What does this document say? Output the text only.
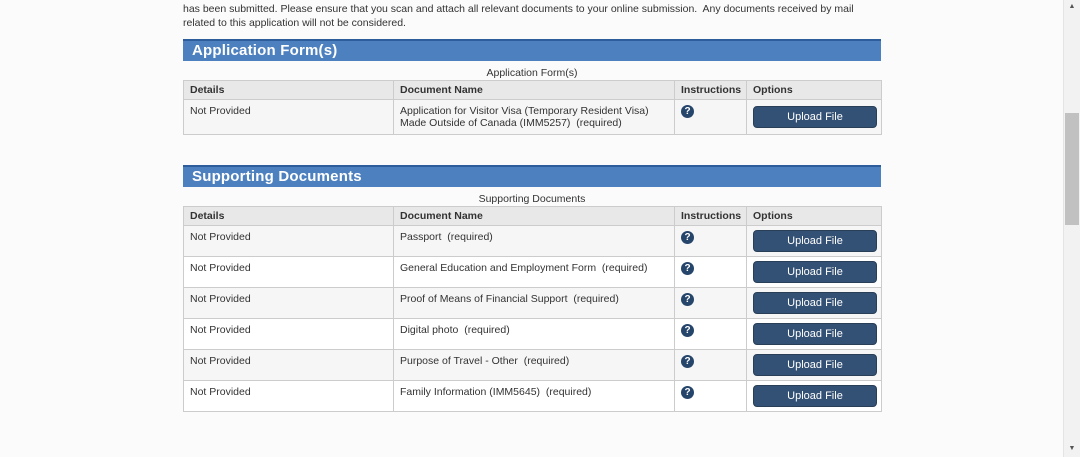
has been submitted. Please ensure that you scan and attach all relevant documents to your online submission.  Any documents received by mail related to this application will not be considered.

Application Form(s)
Application Form(s)
Details	Document Name	Instructions	Options
Not Provided	Application for Visitor Visa (Temporary Resident Visa) Made Outside of Canada (IMM5257)  (required)	?	Upload File
Supporting Documents
Supporting Documents
Details	Document Name	Instructions	Options
Not Provided	Passport  (required)	?	Upload File

Not Provided	General Education and Employment Form  (required)	?	Upload File

Not Provided	Proof of Means of Financial Support  (required)	?	Upload File

Not Provided	Digital photo  (required)	?	Upload File

Not Provided	Purpose of Travel - Other  (required)	?	Upload File

Not Provided	Family Information (IMM5645)  (required)	?	Upload File
▲
▼
